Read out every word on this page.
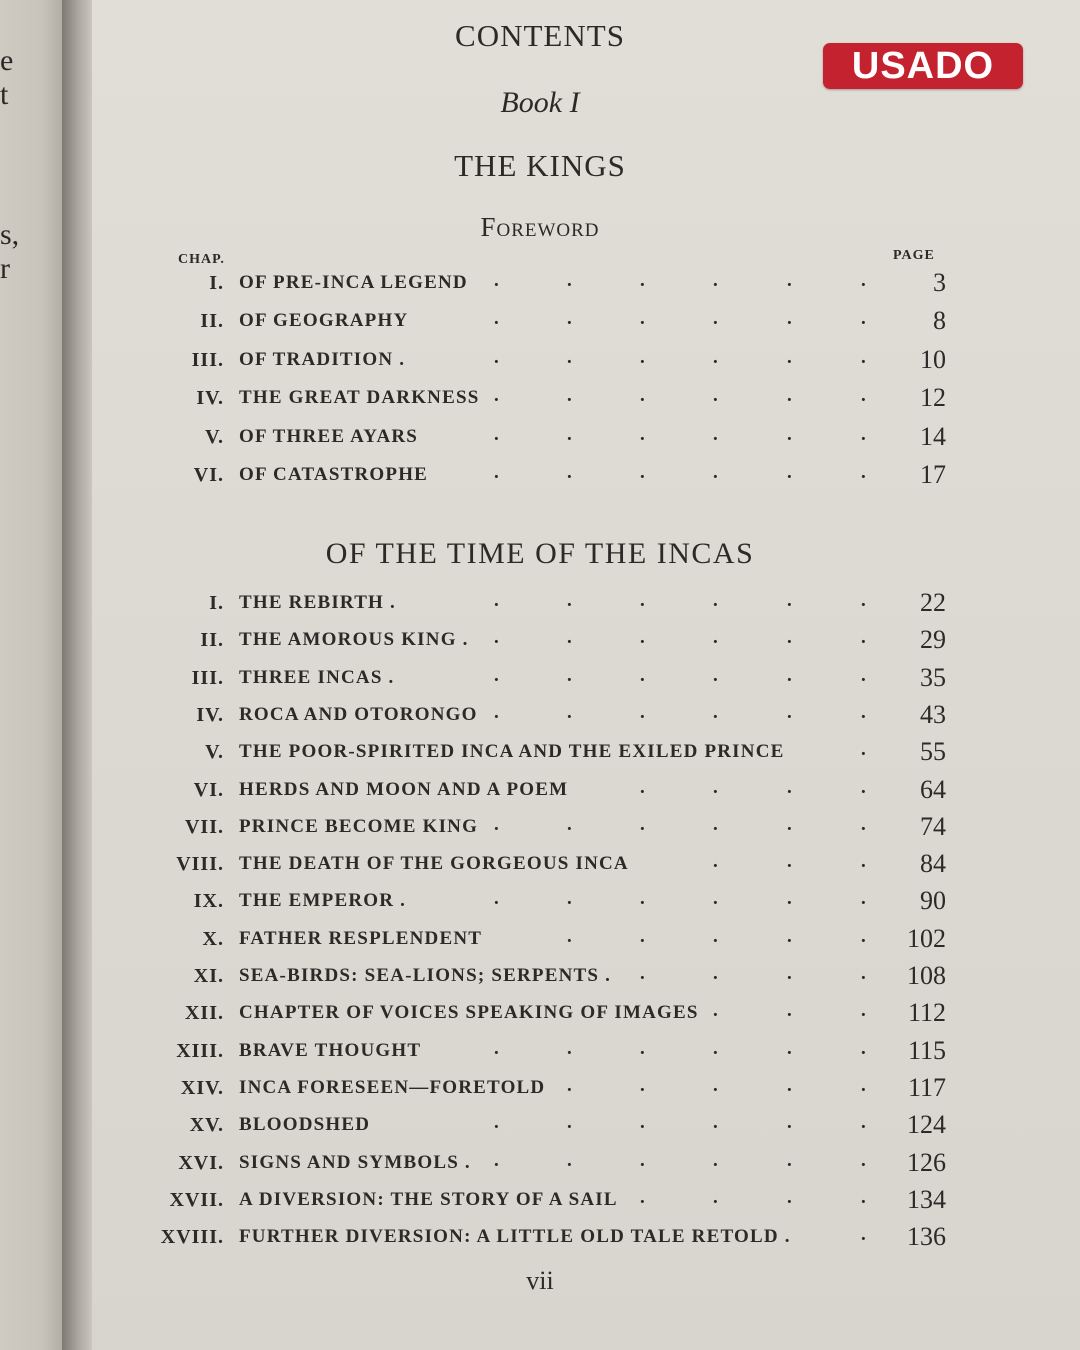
e
t
s,
r
CONTENTS
Book I
THE KINGS
Foreword
CHAP.	PAGE
I. OF PRE-INCA LEGEND	3
.	.	.	.	.	.
II. OF GEOGRAPHY	8
.	.	.	.	.	.
III. OF TRADITION .	10
.	.	.	.	.	.
IV. THE GREAT DARKNESS	12
.	.	.	.	.	.
V. OF THREE AYARS	14
.	.	.	.	.	.
VI. OF CATASTROPHE	17
.	.	.	.	.	.
OF THE TIME OF THE INCAS
I. THE REBIRTH .	22
.	.	.	.	.	.
II. THE AMOROUS KING .	29
.	.	.	.	.	.
III. THREE INCAS .	35
.	.	.	.	.	.
IV. ROCA AND OTORONGO	43
.	.	.	.	.	.
V. THE POOR-SPIRITED INCA AND THE EXILED PRINCE	55
.
VI. HERDS AND MOON AND A POEM	64
.	.	.	.
VII. PRINCE BECOME KING	74
.	.	.	.	.	.
VIII. THE DEATH OF THE GORGEOUS INCA	84
.	.	.
IX. THE EMPEROR .	90
.	.	.	.	.	.
X. FATHER RESPLENDENT	102
.	.	.	.	.
XI. SEA-BIRDS: SEA-LIONS; SERPENTS .	108
.	.	.	.
XII. CHAPTER OF VOICES SPEAKING OF IMAGES	112
.	.	.
XIII. BRAVE THOUGHT	115
.	.	.	.	.	.
XIV. INCA FORESEEN—FORETOLD	117
.	.	.	.	.
XV. BLOODSHED	124
.	.	.	.	.	.
XVI. SIGNS AND SYMBOLS .	126
.	.	.	.	.	.
XVII. A DIVERSION: THE STORY OF A SAIL	134
.	.	.	.
XVIII. FURTHER DIVERSION: A LITTLE OLD TALE RETOLD .	136
.
vii
USADO
